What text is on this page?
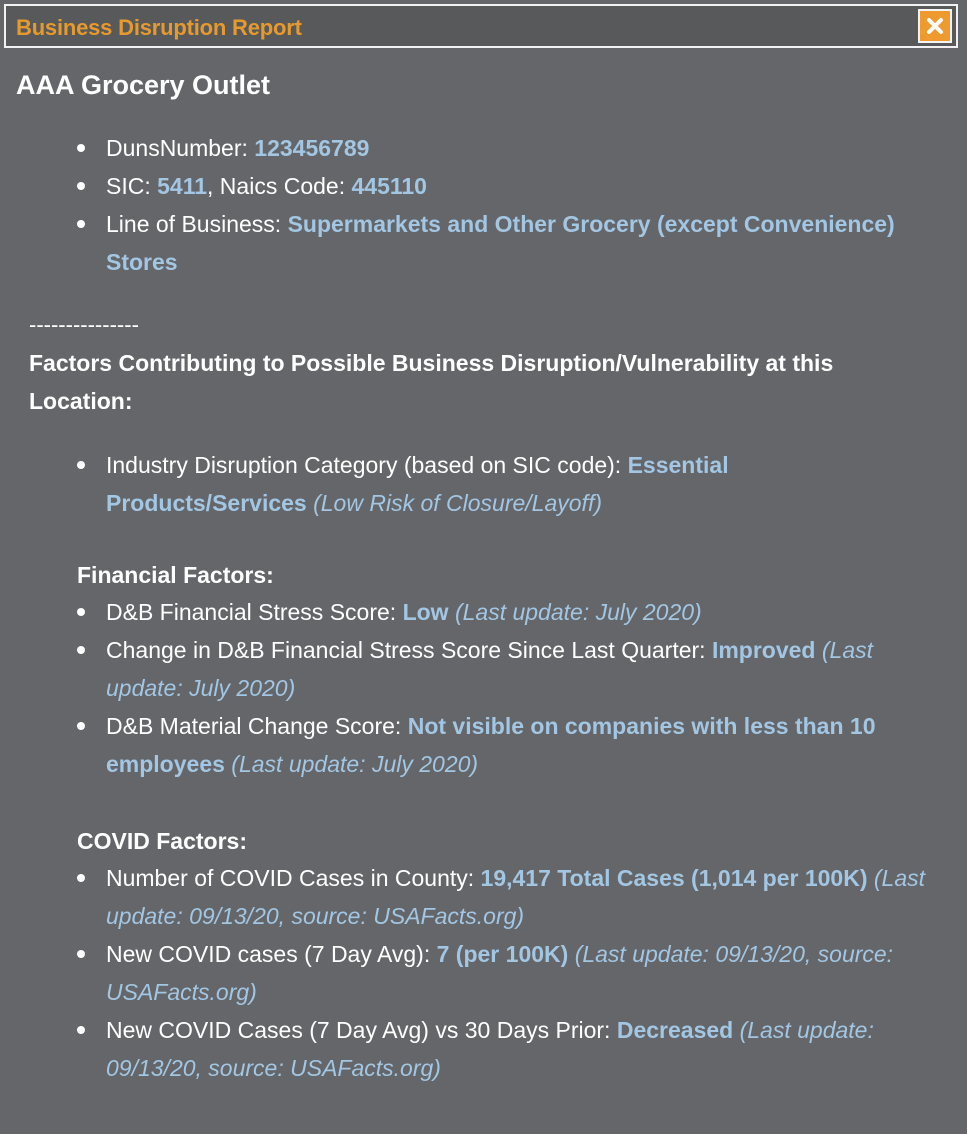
Business Disruption Report
AAA Grocery Outlet
DunsNumber: 123456789
SIC: 5411, Naics Code: 445110
Line of Business: Supermarkets and Other Grocery (except Convenience) Stores
---------------
Factors Contributing to Possible Business Disruption/Vulnerability at this Location:
Industry Disruption Category (based on SIC code): Essential Products/Services (Low Risk of Closure/Layoff)
Financial Factors:
D&B Financial Stress Score: Low (Last update: July 2020)
Change in D&B Financial Stress Score Since Last Quarter: Improved (Last update: July 2020)
D&B Material Change Score: Not visible on companies with less than 10 employees (Last update: July 2020)
COVID Factors:
Number of COVID Cases in County: 19,417 Total Cases (1,014 per 100K) (Last update: 09/13/20, source: USAFacts.org)
New COVID cases (7 Day Avg): 7 (per 100K) (Last update: 09/13/20, source: USAFacts.org)
New COVID Cases (7 Day Avg) vs 30 Days Prior: Decreased (Last update: 09/13/20, source: USAFacts.org)
